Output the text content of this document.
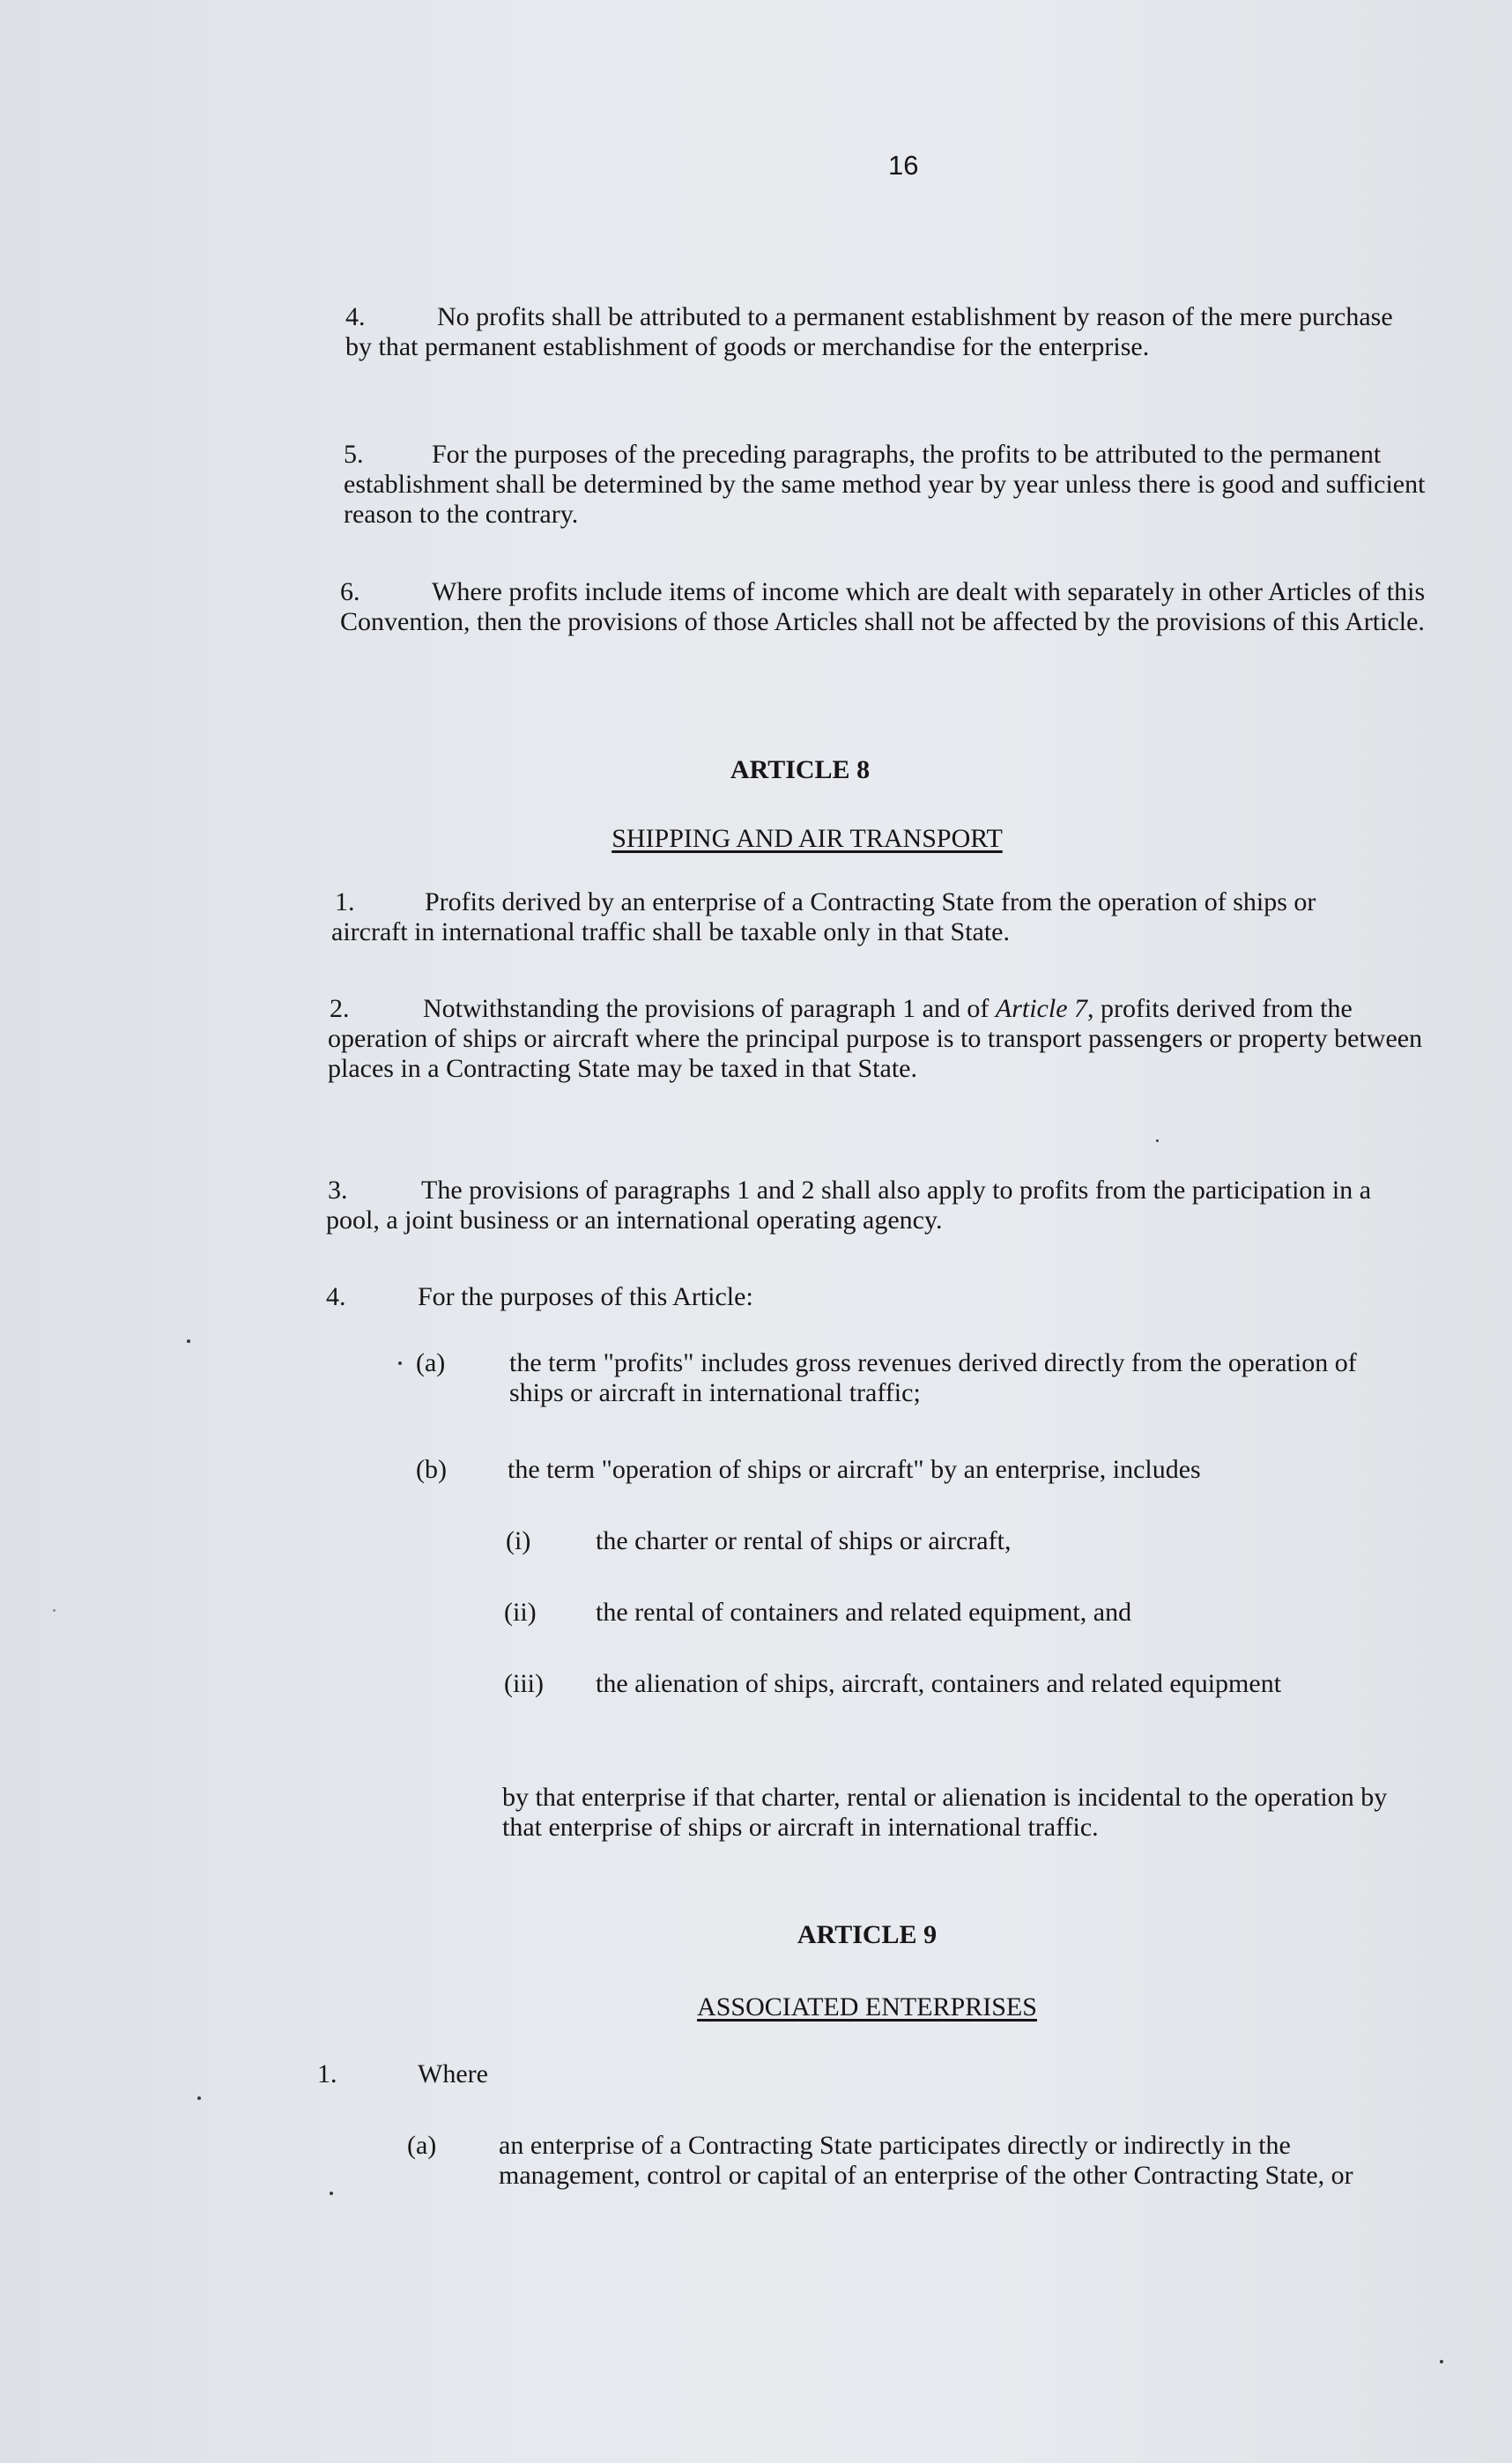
16
4.	No profits shall be attributed to a permanent establishment by reason of the mere purchase by that permanent establishment of goods or merchandise for the enterprise.

5.	For the purposes of the preceding paragraphs, the profits to be attributed to the permanent establishment shall be determined by the same method year by year unless there is good and sufficient reason to the contrary.

6.	Where profits include items of income which are dealt with separately in other Articles of this Convention, then the provisions of those Articles shall not be affected by the provisions of this Article.

ARTICLE 8
SHIPPING AND AIR TRANSPORT
1.	Profits derived by an enterprise of a Contracting State from the operation of ships or aircraft in international traffic shall be taxable only in that State.

2.	Notwithstanding the provisions of paragraph 1 and of Article 7, profits derived from the operation of ships or aircraft where the principal purpose is to transport passengers or property between places in a Contracting State may be taxed in that State.

3.	The provisions of paragraphs 1 and 2 shall also apply to profits from the participation in a pool, a joint business or an international operating agency.

4.	For the purposes of this Article:

(a) the term "profits" includes gross revenues derived directly from the operation of ships or aircraft in international traffic;

(b) the term "operation of ships or aircraft" by an enterprise, includes

(i) the charter or rental of ships or aircraft,

(ii) the rental of containers and related equipment, and

(iii) the alienation of ships, aircraft, containers and related equipment

by that enterprise if that charter, rental or alienation is incidental to the operation by that enterprise of ships or aircraft in international traffic.

ARTICLE 9
ASSOCIATED ENTERPRISES
1.	Where

(a) an enterprise of a Contracting State participates directly or indirectly in the management, control or capital of an enterprise of the other Contracting State, or
